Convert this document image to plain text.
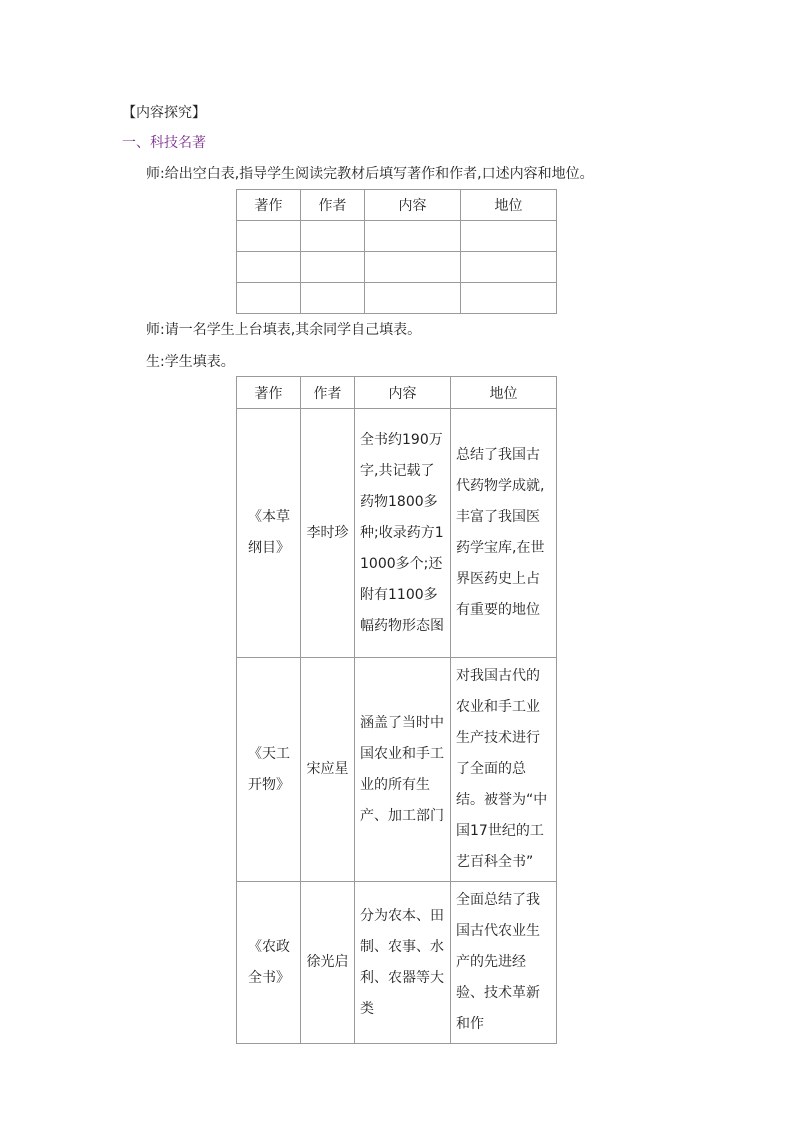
【内容探究】
一、科技名著
师:给出空白表,指导学生阅读完教材后填写著作和作者,口述内容和地位。
著作	作者	内容	地位

师:请一名学生上台填表,其余同学自己填表。
生:学生填表。
著作	作者	内容	地位
《本草纲目》	李时珍	全书约190万字,共记载了药物1800多种;收录药方11000多个;还附有1100多幅药物形态图	总结了我国古代药物学成就,丰富了我国医药学宝库,在世界医药史上占有重要的地位
《天工开物》	宋应星	涵盖了当时中国农业和手工业的所有生产、加工部门	对我国古代的农业和手工业生产技术进行了全面的总结。被誉为“中国17世纪的工艺百科全书”
《农政全书》	徐光启	分为农本、田制、农事、水利、农器等大类	全面总结了我国古代农业生产的先进经验、技术革新和作
